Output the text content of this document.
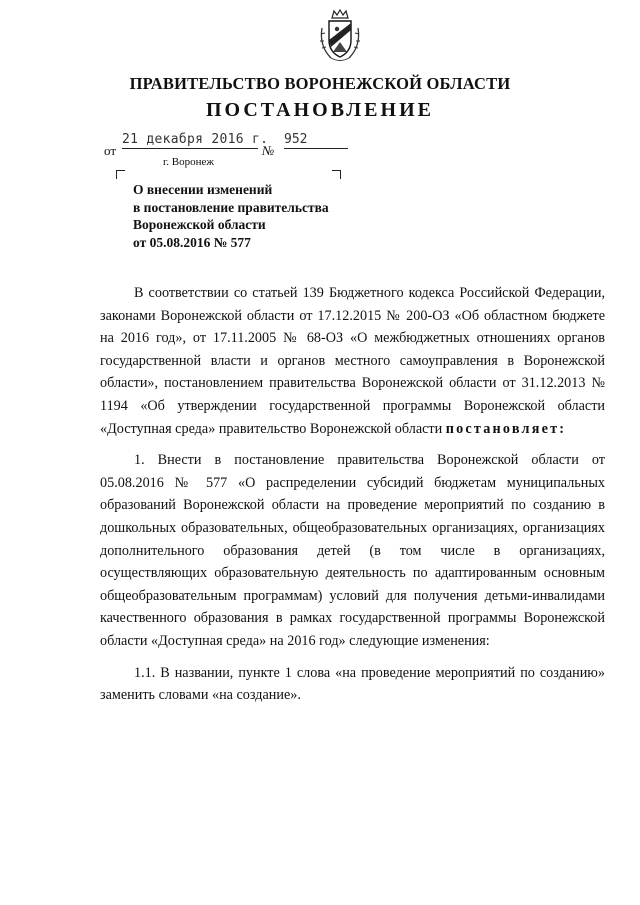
ПРАВИТЕЛЬСТВО ВОРОНЕЖСКОЙ ОБЛАСТИ
ПОСТАНОВЛЕНИЕ
от
21 декабря 2016 г.
№
952
г. Воронеж
О внесении изменений
в постановление правительства
Воронежской области
от 05.08.2016 № 577

В соответствии со статьей 139 Бюджетного кодекса Российской Федерации, законами Воронежской области от 17.12.2015 № 200-ОЗ «Об областном бюджете на 2016 год», от 17.11.2005 № 68-ОЗ «О межбюджетных отношениях органов государственной власти и органов местного самоуправления в Воронежской области», постановлением правительства Воронежской области от 31.12.2013 № 1194 «Об утверждении государственной программы Воронежской области «Доступная среда» правительство Воронежской области постановляет:

1. Внести в постановление правительства Воронежской области от 05.08.2016 № 577 «О распределении субсидий бюджетам муниципальных образований Воронежской области на проведение мероприятий по созданию в дошкольных образовательных, общеобразовательных организациях, организациях дополнительного образования детей (в том числе в организациях, осуществляющих образовательную деятельность по адаптированным основным общеобразовательным программам) условий для получения детьми-инвалидами качественного образования в рамках государственной программы Воронежской области «Доступная среда» на 2016 год» следующие изменения:

1.1. В названии, пункте 1 слова «на проведение мероприятий по созданию» заменить словами «на создание».
